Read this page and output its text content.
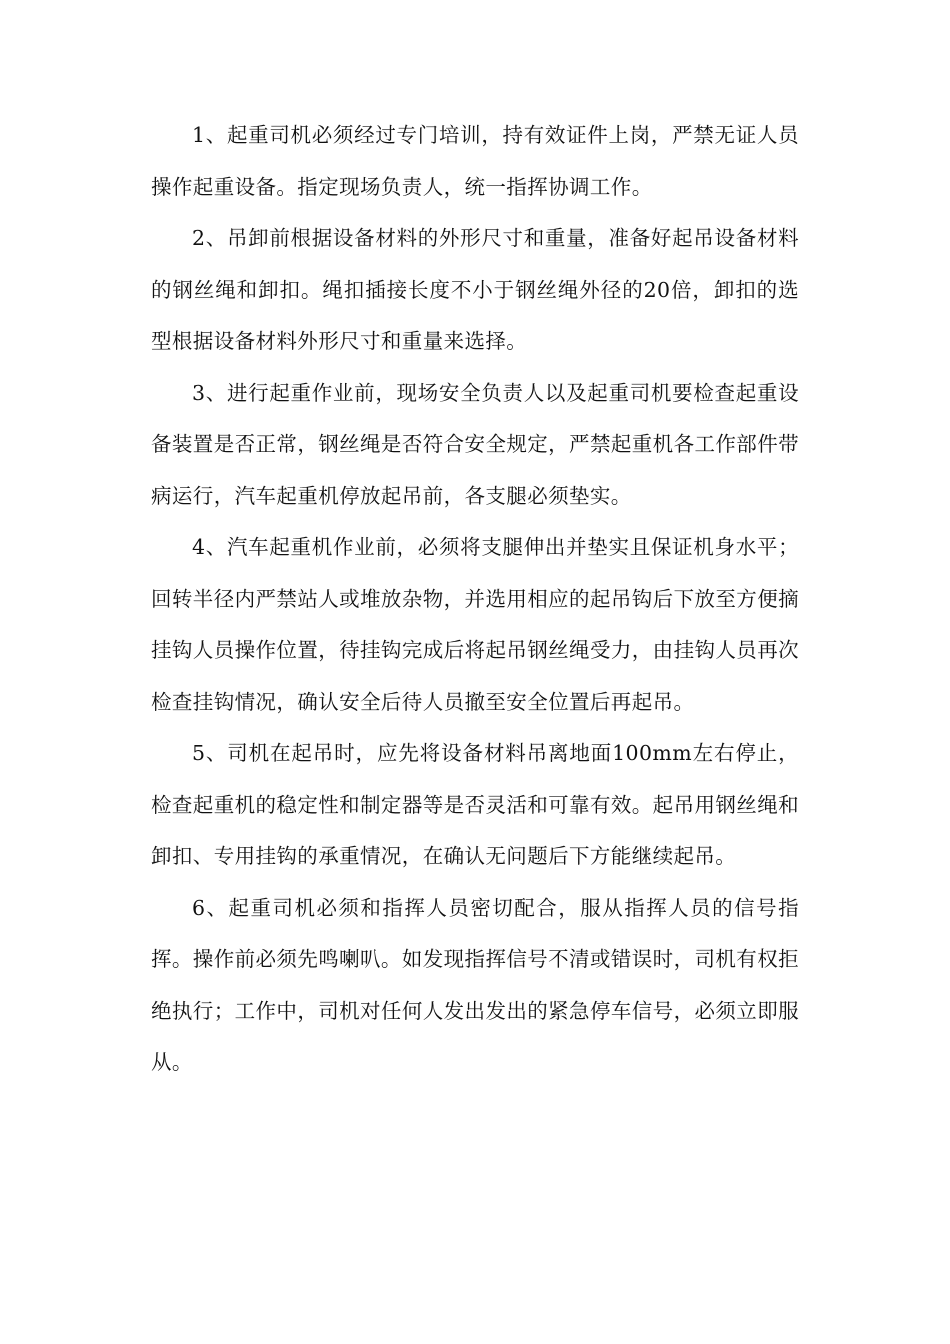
1、起重司机必须经过专门培训，持有效证件上岗，严禁无证人员操作起重设备。指定现场负责人，统一指挥协调工作。

2、吊卸前根据设备材料的外形尺寸和重量，准备好起吊设备材料的钢丝绳和卸扣。绳扣插接长度不小于钢丝绳外径的20倍，卸扣的选型根据设备材料外形尺寸和重量来选择。

3、进行起重作业前，现场安全负责人以及起重司机要检查起重设备装置是否正常，钢丝绳是否符合安全规定，严禁起重机各工作部件带病运行，汽车起重机停放起吊前，各支腿必须垫实。

4、汽车起重机作业前，必须将支腿伸出并垫实且保证机身水平；回转半径内严禁站人或堆放杂物，并选用相应的起吊钩后下放至方便摘挂钩人员操作位置，待挂钩完成后将起吊钢丝绳受力，由挂钩人员再次检查挂钩情况，确认安全后待人员撤至安全位置后再起吊。

5、司机在起吊时，应先将设备材料吊离地面100mm左右停止，检查起重机的稳定性和制定器等是否灵活和可靠有效。起吊用钢丝绳和卸扣、专用挂钩的承重情况，在确认无问题后下方能继续起吊。

6、起重司机必须和指挥人员密切配合，服从指挥人员的信号指挥。操作前必须先鸣喇叭。如发现指挥信号不清或错误时，司机有权拒绝执行；工作中，司机对任何人发出发出的紧急停车信号，必须立即服从。
